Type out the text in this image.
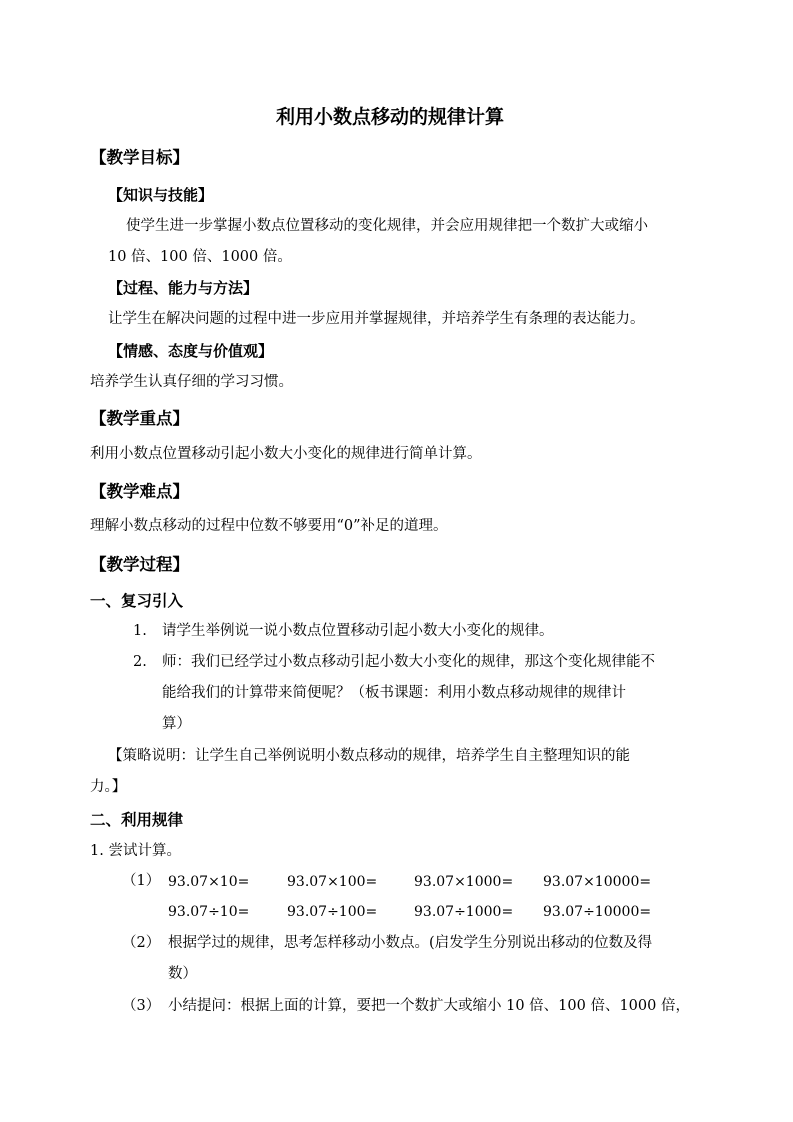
利用小数点移动的规律计算
【教学目标】
【知识与技能】
使学生进一步掌握小数点位置移动的变化规律，并会应用规律把一个数扩大或缩小
10 倍、100 倍、1000 倍。
【过程、能力与方法】
让学生在解决问题的过程中进一步应用并掌握规律，并培养学生有条理的表达能力。
【情感、态度与价值观】
培养学生认真仔细的学习习惯。
【教学重点】
利用小数点位置移动引起小数大小变化的规律进行简单计算。
【教学难点】
理解小数点移动的过程中位数不够要用“0”补足的道理。
【教学过程】
一、复习引入
1. 请学生举例说一说小数点位置移动引起小数大小变化的规律。
2. 师：我们已经学过小数点移动引起小数大小变化的规律，那这个变化规律能不
能给我们的计算带来简便呢？（板书课题：利用小数点移动规律的规律计
算）
【策略说明：让学生自己举例说明小数点移动的规律，培养学生自主整理知识的能
力。】
二、利用规律
1. 尝试计算。
（1） 93.07×10=	93.07×100=	93.07×1000= 93.07×10000=
93.07÷10=	93.07÷100=	93.07÷1000= 93.07÷10000=
（2） 根据学过的规律，思考怎样移动小数点。(启发学生分别说出移动的位数及得
数）
（3） 小结提问：根据上面的计算，要把一个数扩大或缩小 10 倍、100 倍、1000 倍，
